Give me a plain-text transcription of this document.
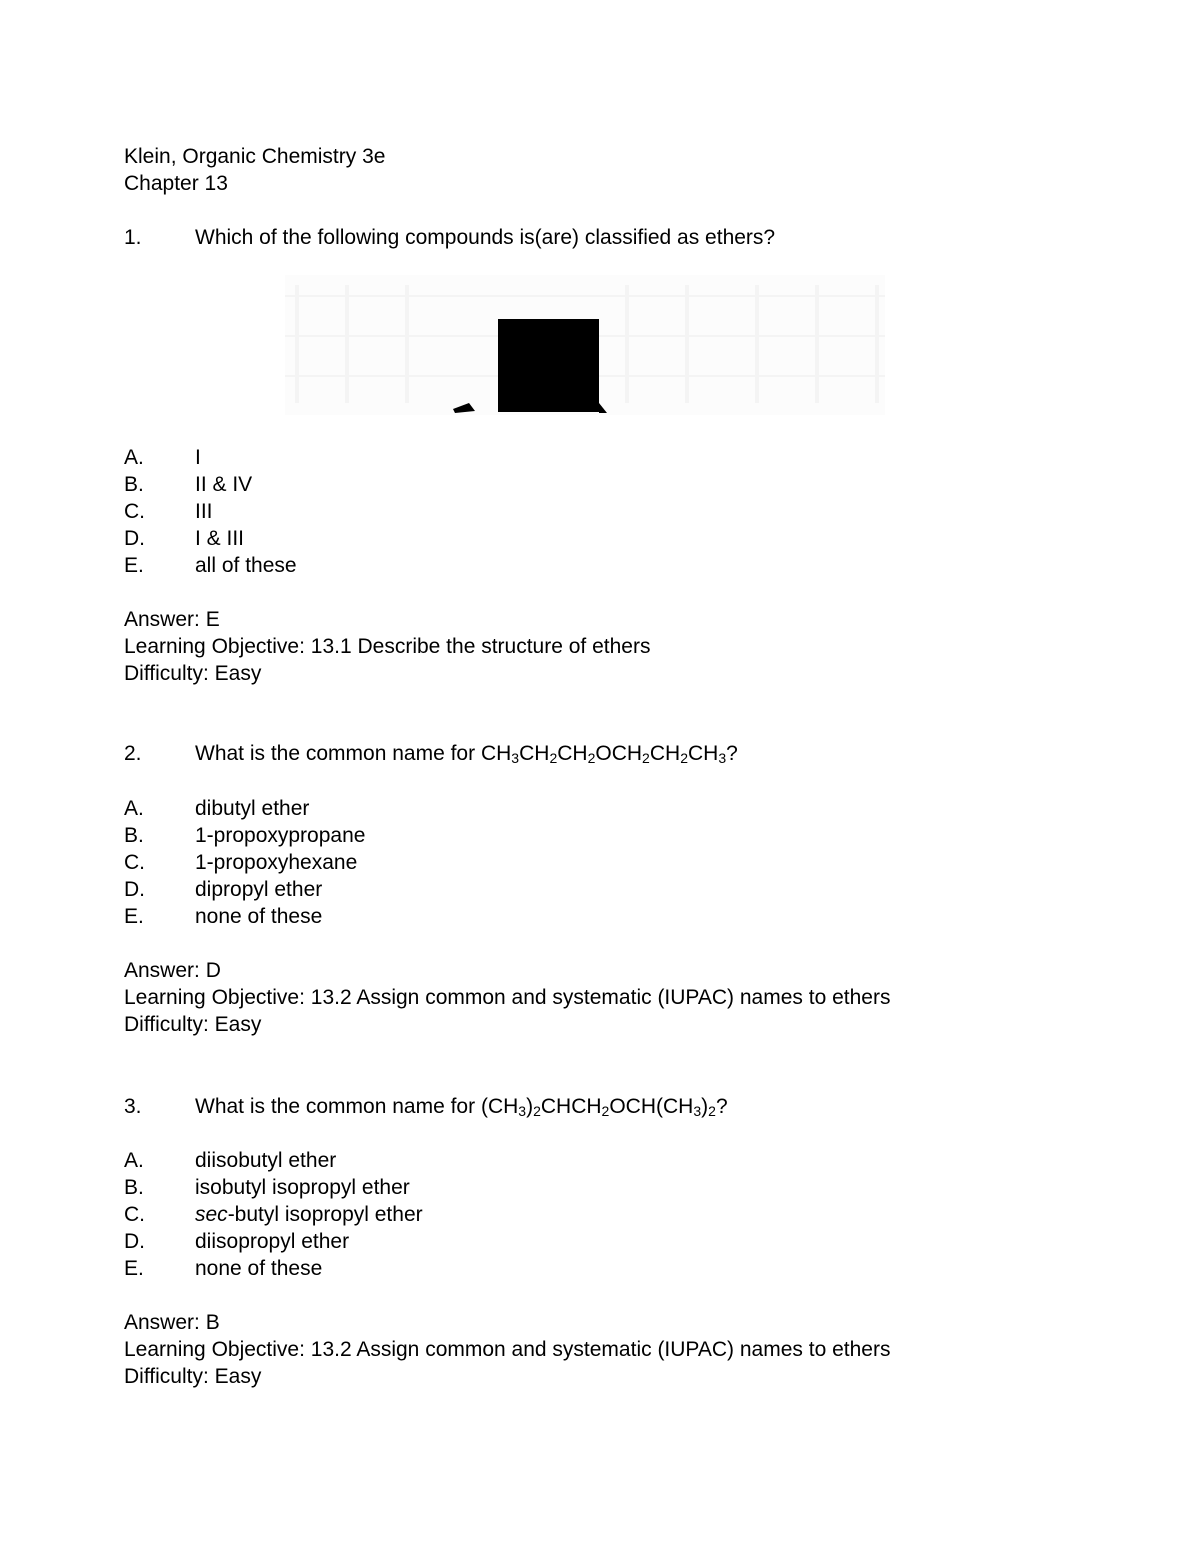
Klein, Organic Chemistry 3e
Chapter 13
1.	Which of the following compounds is(are) classified as ethers?
A.	I
B.	II & IV
C.	III
D.	I & III
E.	all of these
Answer: E
Learning Objective: 13.1 Describe the structure of ethers
Difficulty: Easy
2.	What is the common name for $CH_3CH_2CH_2OCH_2CH_2CH_3$?
A.	dibutyl ether
B.	1-propoxypropane
C.	1-propoxyhexane
D.	dipropyl ether
E.	none of these
Answer: D
Learning Objective: 13.2 Assign common and systematic (IUPAC) names to ethers
Difficulty: Easy
3.	What is the common name for $(CH_3)_2CHCH_2OCH(CH_3)_2$?
A.	diisobutyl ether
B.	isobutyl isopropyl ether
C.	sec-butyl isopropyl ether
D.	diisopropyl ether
E.	none of these
Answer: B
Learning Objective: 13.2 Assign common and systematic (IUPAC) names to ethers
Difficulty: Easy
